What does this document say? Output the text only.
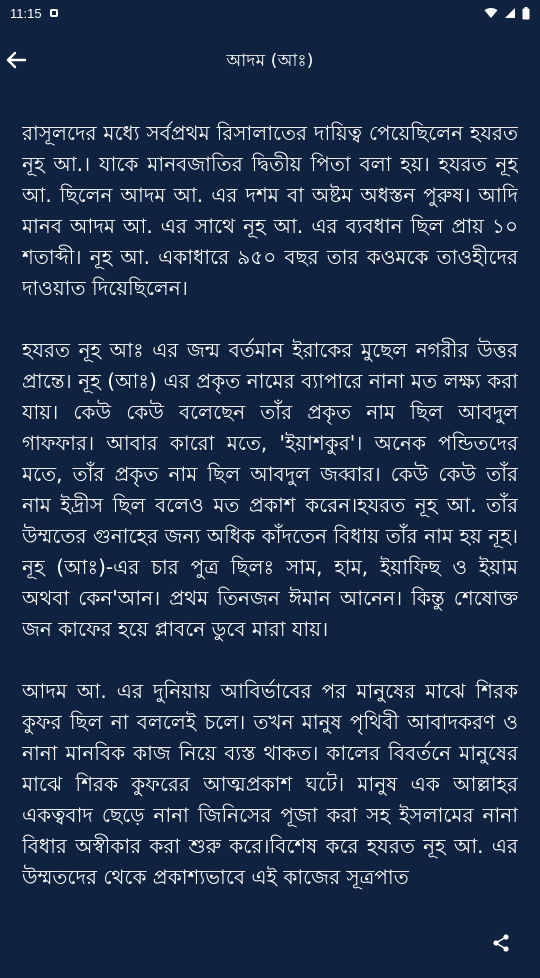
11:15
আদম (আঃ)

রাসূলদের মধ্যে সর্বপ্রথম রিসালাতের দায়িত্ব পেয়েছিলেন হযরত নূহ আ.। যাকে মানবজাতির দ্বিতীয় পিতা বলা হয়। হযরত নূহ আ. ছিলেন আদম আ. এর দশম বা অষ্টম অধস্তন পুরুষ। আদি মানব আদম আ. এর সাথে নূহ আ. এর ব্যবধান ছিল প্রায় ১০ শতাব্দী। নূহ আ. একাধারে ৯৫০ বছর তার কওমকে তাওহীদের দাওয়াত দিয়েছিলেন।

হযরত নূহ আঃ এর জন্ম বর্তমান ইরাকের মুছেল নগরীর উত্তর প্রান্তে। নূহ (আঃ) এর প্রকৃত নামের ব্যাপারে নানা মত লক্ষ্য করা যায়। কেউ কেউ বলেছেন তাঁর প্রকৃত নাম ছিল আবদুল গাফফার। আবার কারো মতে, 'ইয়াশকুর'। অনেক পন্ডিতদের মতে, তাঁর প্রকৃত নাম ছিল আবদুল জব্বার। কেউ কেউ তাঁর নাম ইদ্রীস ছিল বলেও মত প্রকাশ করেন।হযরত নূহ আ. তাঁর উম্মতের গুনাহের জন্য অধিক কাঁদতেন বিধায় তাঁর নাম হয় নূহ। নূহ (আঃ)-এর চার পুত্র ছিলঃ সাম, হাম, ইয়াফিছ ও ইয়াম অথবা কেন'আন। প্রথম তিনজন ঈমান আনেন। কিন্তু শেষোক্ত জন কাফের হয়ে প্লাবনে ডুবে মারা যায়।

আদম আ. এর দুনিয়ায় আবির্ভাবের পর মানুষের মাঝে শিরক কুফর ছিল না বললেই চলে। তখন মানুষ পৃথিবী আবাদকরণ ও নানা মানবিক কাজ নিয়ে ব্যস্ত থাকত। কালের বিবর্তনে মানুষের মাঝে শিরক কুফরের আত্মপ্রকাশ ঘটে। মানুষ এক আল্লাহর একত্ববাদ ছেড়ে নানা জিনিসের পূজা করা সহ ইসলামের নানা বিধার অস্বীকার করা শুরু করে।বিশেষ করে হযরত নূহ আ. এর উম্মতদের থেকে প্রকাশ্যভাবে এই কাজের সূত্রপাত
